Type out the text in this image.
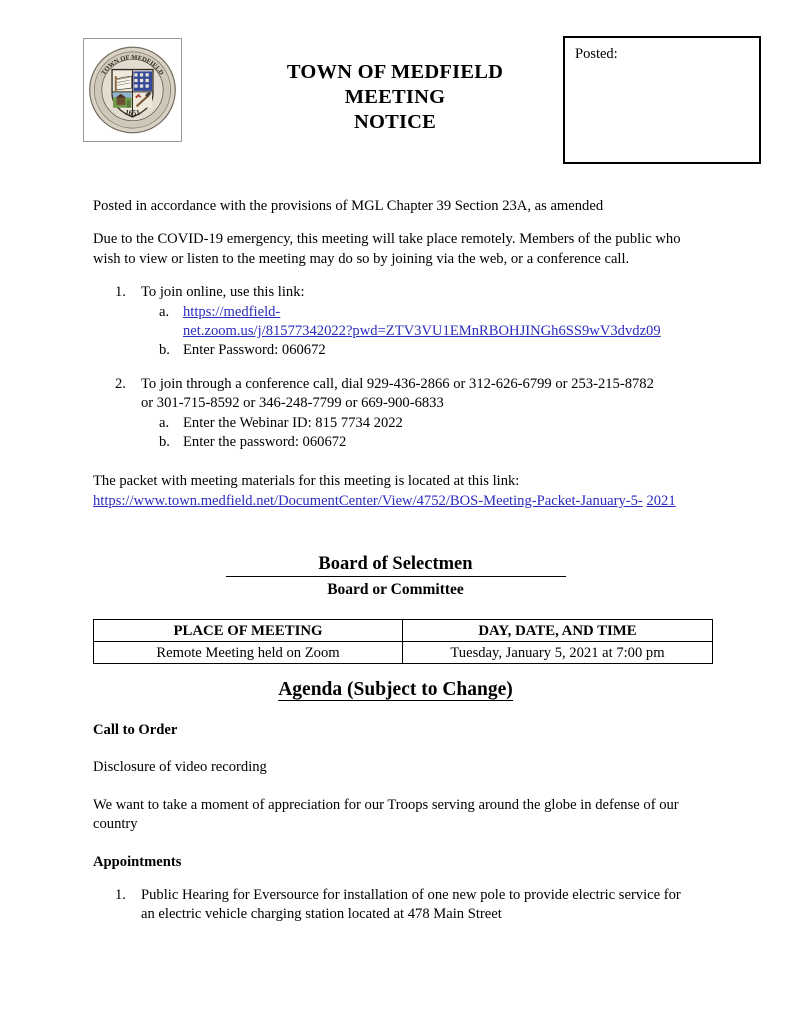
TOWN OF MEDFIELD
1651
TOWN OF MEDFIELD
MEETING
NOTICE
Posted:

Posted in accordance with the provisions of MGL Chapter 39 Section 23A, as amended

Due to the COVID-19 emergency, this meeting will take place remotely. Members of the public who wish to view or listen to the meeting may do so by joining via the web, or a conference call.

1.	To join online, use this link:
a. https://medfield-
net.zoom.us/j/81577342022?pwd=ZTV3VU1EMnRBOHJINGh6SS9wV3dvdz09
b. Enter Password: 060672
2.	To join through a conference call, dial 929-436-2866 or 312-626-6799 or 253-215-8782
or 301-715-8592 or 346-248-7799 or 669-900-6833
a. Enter the Webinar ID: 815 7734 2022
b. Enter the password: 060672

The packet with meeting materials for this meeting is located at this link:

https://www.town.medfield.net/DocumentCenter/View/4752/BOS-Meeting-Packet-January-5- 2021

Board of Selectmen
Board or Committee
PLACE OF MEETING	DAY, DATE, AND TIME
Remote Meeting held on Zoom	Tuesday, January 5, 2021 at 7:00 pm
Agenda (Subject to Change)

Call to Order

Disclosure of video recording

We want to take a moment of appreciation for our Troops serving around the globe in defense of our country

Appointments

1.	Public Hearing for Eversource for installation of one new pole to provide electric service for an electric vehicle charging station located at 478 Main Street
